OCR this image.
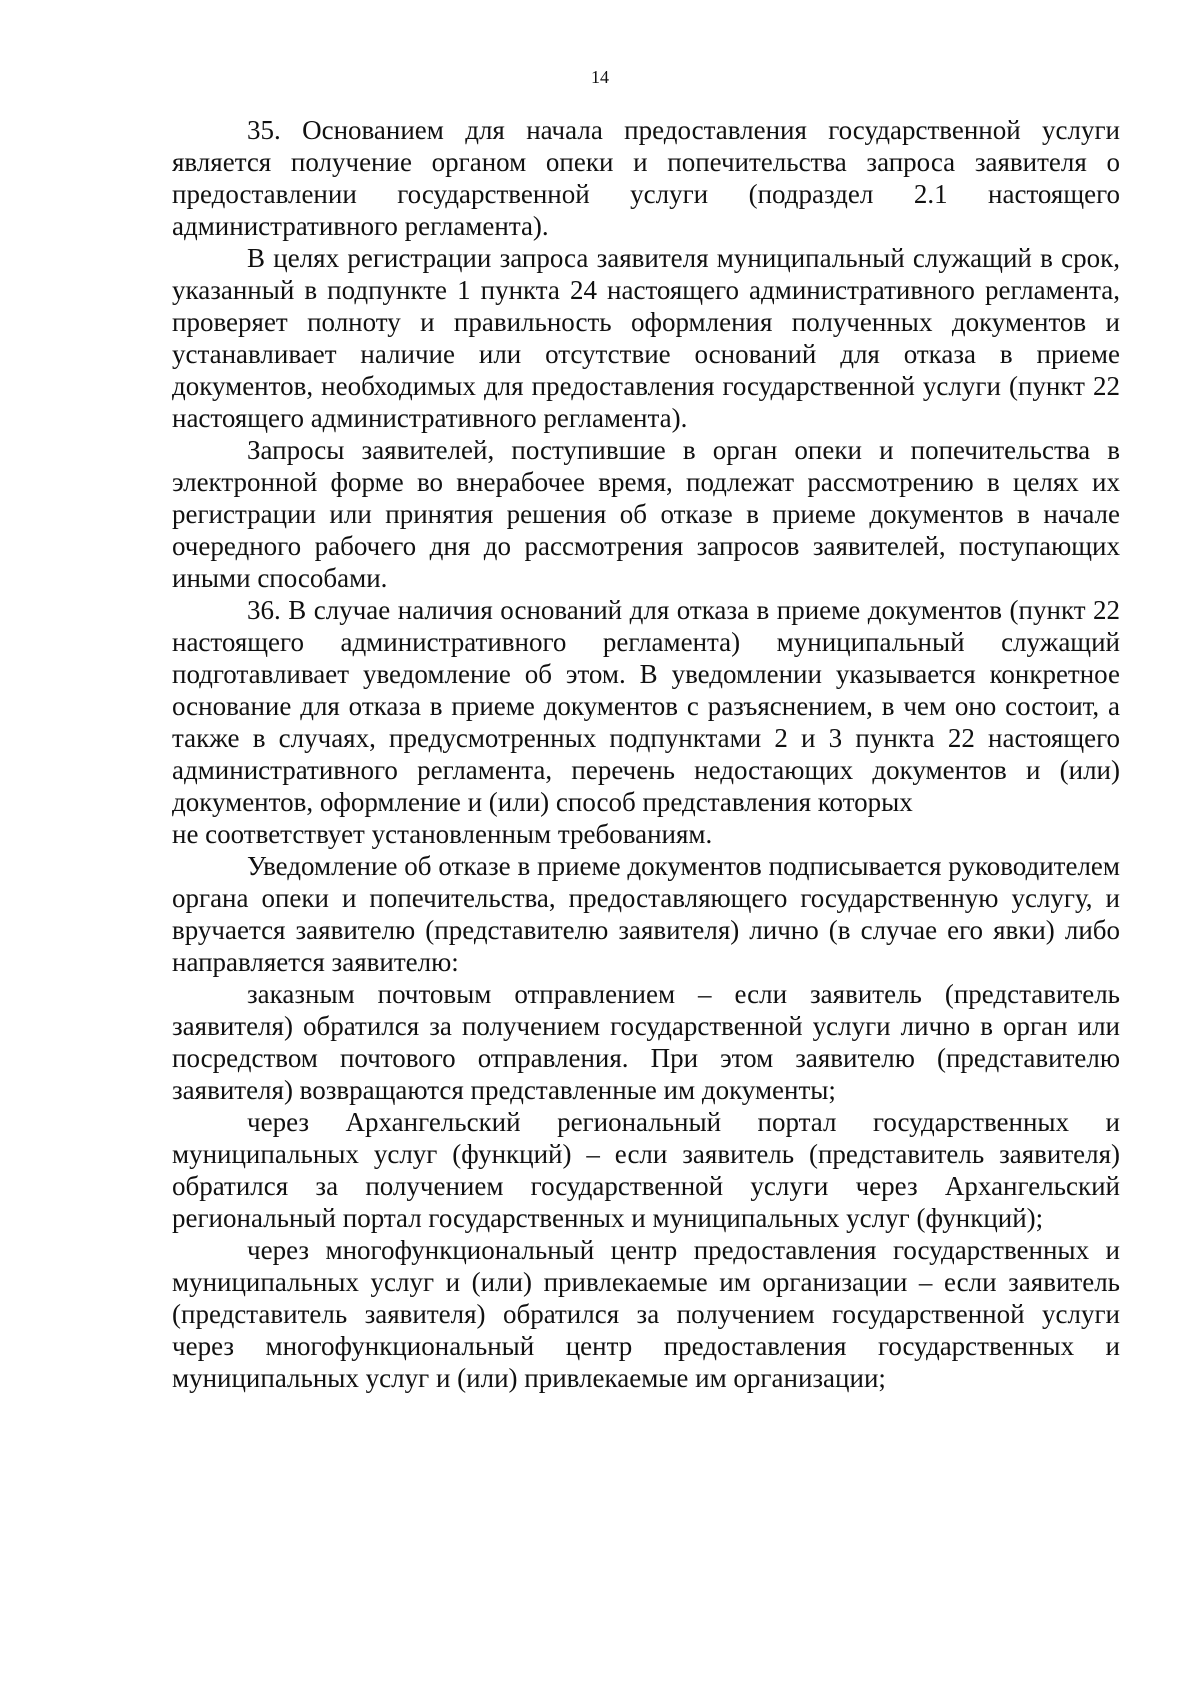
14

35. Основанием для начала предоставления государственной услуги является получение органом опеки и попечительства запроса заявителя о предоставлении государственной услуги (подраздел 2.1 настоящего административного регламента).

В целях регистрации запроса заявителя муниципальный служащий в срок, указанный в подпункте 1 пункта 24 настоящего административного регламента, проверяет полноту и правильность оформления полученных документов и устанавливает наличие или отсутствие оснований для отказа в приеме документов, необходимых для предоставления государственной услуги (пункт 22 настоящего административного регламента).

Запросы заявителей, поступившие в орган опеки и попечительства в электронной форме во внерабочее время, подлежат рассмотрению в целях их регистрации или принятия решения об отказе в приеме документов в начале очередного рабочего дня до рассмотрения запросов заявителей, поступающих иными способами.

36. В случае наличия оснований для отказа в приеме документов (пункт 22 настоящего административного регламента) муниципальный служащий подготавливает уведомление об этом. В уведомлении указывается конкретное основание для отказа в приеме документов с разъяснением, в чем оно состоит, а также в случаях, предусмотренных подпунктами 2 и 3 пункта 22 настоящего административного регламента, перечень недостающих документов и (или) документов, оформление и (или) способ представления которых

не соответствует установленным требованиям.

Уведомление об отказе в приеме документов подписывается руководителем органа опеки и попечительства, предоставляющего государственную услугу, и вручается заявителю (представителю заявителя) лично (в случае его явки) либо направляется заявителю:

заказным почтовым отправлением – если заявитель (представитель заявителя) обратился за получением государственной услуги лично в орган или посредством почтового отправления. При этом заявителю (представителю заявителя) возвращаются представленные им документы;

через Архангельский региональный портал государственных и муниципальных услуг (функций) – если заявитель (представитель заявителя) обратился за получением государственной услуги через Архангельский региональный портал государственных и муниципальных услуг (функций);

через многофункциональный центр предоставления государственных и муниципальных услуг и (или) привлекаемые им организации – если заявитель (представитель заявителя) обратился за получением государственной услуги через многофункциональный центр предоставления государственных и муниципальных услуг и (или) привлекаемые им организации;
